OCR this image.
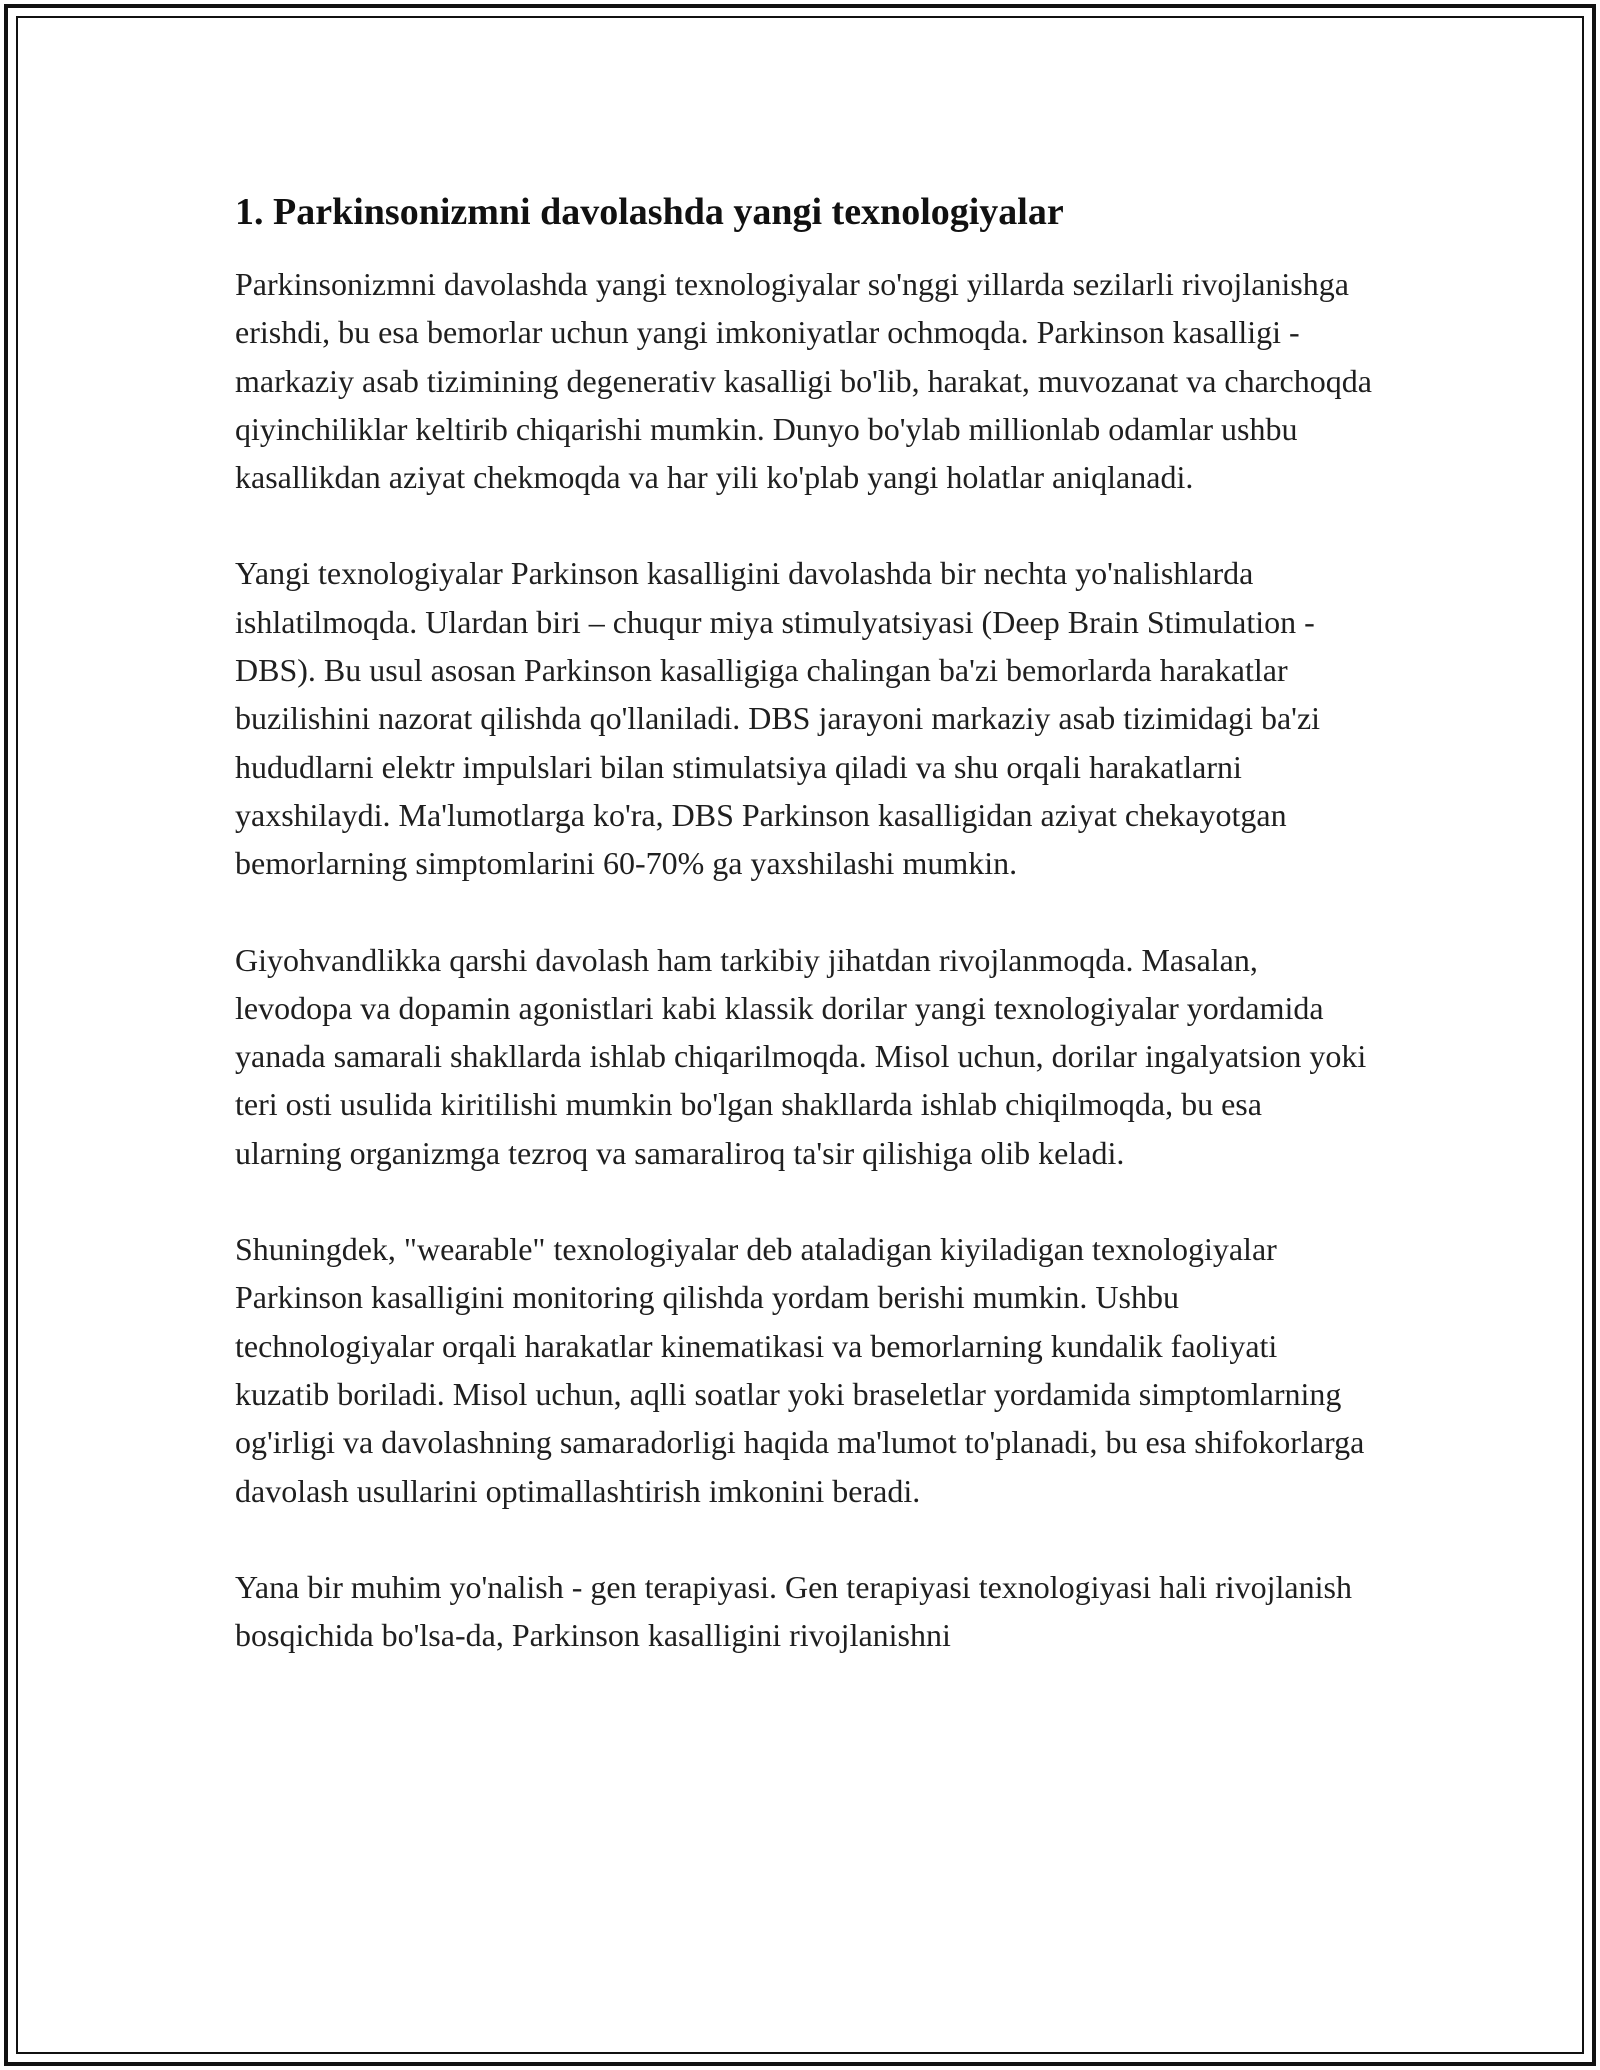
1. Parkinsonizmni davolashda yangi texnologiyalar

Parkinsonizmni davolashda yangi texnologiyalar so'nggi yillarda sezilarli rivojlanishga erishdi, bu esa bemorlar uchun yangi imkoniyatlar ochmoqda. Parkinson kasalligi - markaziy asab tizimining degenerativ kasalligi bo'lib, harakat, muvozanat va charchoqda qiyinchiliklar keltirib chiqarishi mumkin. Dunyo bo'ylab millionlab odamlar ushbu kasallikdan aziyat chekmoqda va har yili ko'plab yangi holatlar aniqlanadi.

Yangi texnologiyalar Parkinson kasalligini davolashda bir nechta yo'nalishlarda ishlatilmoqda. Ulardan biri – chuqur miya stimulyatsiyasi (Deep Brain Stimulation - DBS). Bu usul asosan Parkinson kasalligiga chalingan ba'zi bemorlarda harakatlar buzilishini nazorat qilishda qo'llaniladi. DBS jarayoni markaziy asab tizimidagi ba'zi hududlarni elektr impulslari bilan stimulatsiya qiladi va shu orqali harakatlarni yaxshilaydi. Ma'lumotlarga ko'ra, DBS Parkinson kasalligidan aziyat chekayotgan bemorlarning simptomlarini 60-70% ga yaxshilashi mumkin.

Giyohvandlikka qarshi davolash ham tarkibiy jihatdan rivojlanmoqda. Masalan, levodopa va dopamin agonistlari kabi klassik dorilar yangi texnologiyalar yordamida yanada samarali shakllarda ishlab chiqarilmoqda. Misol uchun, dorilar ingalyatsion yoki teri osti usulida kiritilishi mumkin bo'lgan shakllarda ishlab chiqilmoqda, bu esa ularning organizmga tezroq va samaraliroq ta'sir qilishiga olib keladi.

Shuningdek, "wearable" texnologiyalar deb ataladigan kiyiladigan texnologiyalar Parkinson kasalligini monitoring qilishda yordam berishi mumkin. Ushbu technologiyalar orqali harakatlar kinematikasi va bemorlarning kundalik faoliyati kuzatib boriladi. Misol uchun, aqlli soatlar yoki braseletlar yordamida simptomlarning og'irligi va davolashning samaradorligi haqida ma'lumot to'planadi, bu esa shifokorlarga davolash usullarini optimallashtirish imkonini beradi.

Yana bir muhim yo'nalish - gen terapiyasi. Gen terapiyasi texnologiyasi hali rivojlanish bosqichida bo'lsa-da, Parkinson kasalligini rivojlanishni
